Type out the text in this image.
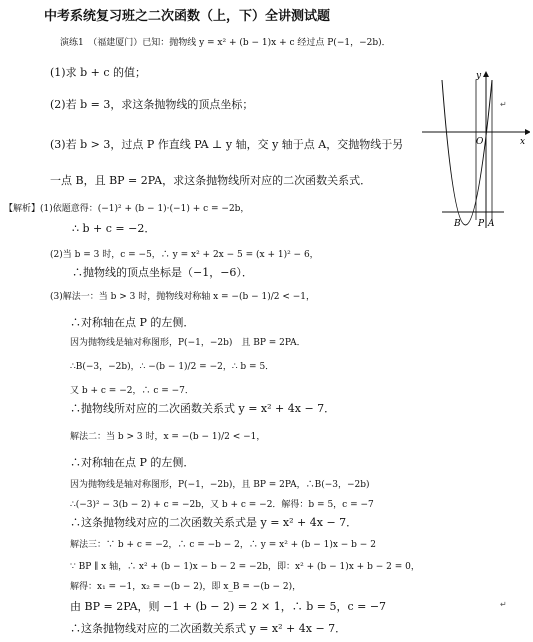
中考系统复习班之二次函数（上，下）全讲测试题
演练1　（福建厦门）已知：抛物线 y = x² + (b − 1)x + c 经过点 P(−1，−2b)．
(1)求 b + c 的值；
(2)若 b = 3，求这条抛物线的顶点坐标；
(3)若 b > 3，过点 P 作直线 PA ⊥ y 轴，交 y 轴于点 A，交抛物线于另
一点 B，且 BP = 2PA，求这条抛物线所对应的二次函数关系式．
【解析】(1)依题意得：(−1)² + (b − 1)·(−1) + c = −2b，
∴ b + c = −2．
(2)当 b = 3 时，c = −5，∴ y = x² + 2x − 5 = (x + 1)² − 6，
∴抛物线的顶点坐标是（−1，−6）．
(3)解法一：当 b > 3 时，抛物线对称轴 x = −(b − 1)/2 < −1，
∴对称轴在点 P 的左侧．
因为抛物线是轴对称图形，P(−1，−2b)　且 BP = 2PA．
∴B(−3，−2b)，∴ −(b − 1)/2 = −2，∴ b = 5．
又 b + c = −2，∴ c = −7．
∴抛物线所对应的二次函数关系式 y = x² + 4x − 7．
解法二：当 b > 3 时，x = −(b − 1)/2 < −1，
∴对称轴在点 P 的左侧．
因为抛物线是轴对称图形，P(−1，−2b)，且 BP = 2PA，∴B(−3，−2b)
∴(−3)² − 3(b − 2) + c = −2b，又 b + c = −2．解得：b = 5，c = −7
∴这条抛物线对应的二次函数关系式是 y = x² + 4x − 7．
解法三：∵ b + c = −2，∴ c = −b − 2，∴ y = x² + (b − 1)x − b − 2
∵ BP ∥ x 轴，∴ x² + (b − 1)x − b − 2 = −2b，即：x² + (b − 1)x + b − 2 = 0，
解得：x₁ = −1，x₂ = −(b − 2)，即 x_B = −(b − 2)，
由 BP = 2PA，则 −1 + (b − 2) = 2 × 1，∴ b = 5，c = −7
∴这条抛物线对应的二次函数关系式 y = x² + 4x − 7．
↵
↵
y
x
O
B P A
